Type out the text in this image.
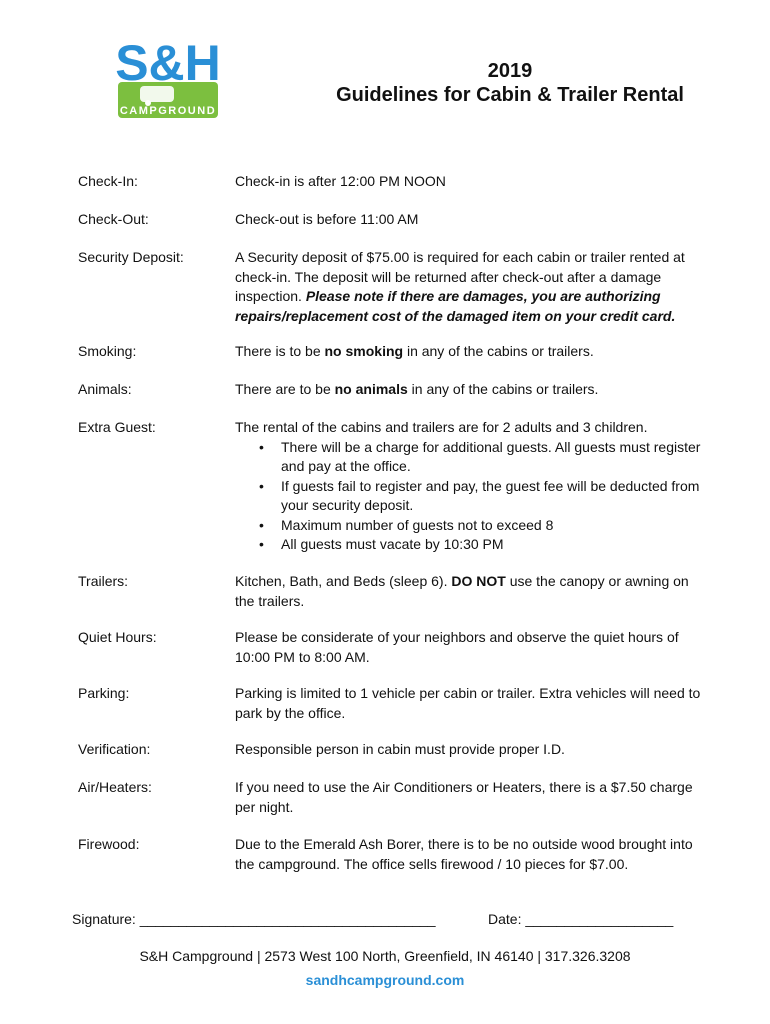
S&H
CAMPGROUND
2019
Guidelines for Cabin & Trailer Rental
Check-In:	Check-in is after 12:00 PM NOON
Check-Out:	Check-out is before 11:00 AM
Security Deposit:	A Security deposit of $75.00 is required for each cabin or trailer rented at check-in. The deposit will be returned after check-out after a damage inspection. Please note if there are damages, you are authorizing repairs/replacement cost of the damaged item on your credit card.
Smoking:	There is to be no smoking in any of the cabins or trailers.
Animals:	There are to be no animals in any of the cabins or trailers.
Extra Guest:	The rental of the cabins and trailers are for 2 adults and 3 children.
• There will be a charge for additional guests. All guests must register and pay at the office.
• If guests fail to register and pay, the guest fee will be deducted from your security deposit.
• Maximum number of guests not to exceed 8
• All guests must vacate by 10:30 PM
Trailers:	Kitchen, Bath, and Beds (sleep 6). DO NOT use the canopy or awning on the trailers.
Quiet Hours:	Please be considerate of your neighbors and observe the quiet hours of 10:00 PM to 8:00 AM.
Parking:	Parking is limited to 1 vehicle per cabin or trailer. Extra vehicles will need to park by the office.
Verification:	Responsible person in cabin must provide proper I.D.
Air/Heaters:	If you need to use the Air Conditioners or Heaters, there is a $7.50 charge per night.
Firewood:	Due to the Emerald Ash Borer, there is to be no outside wood brought into the campground. The office sells firewood / 10 pieces for $7.00.
Signature: ______________________________________	Date: ___________________
S&H Campground | 2573 West 100 North, Greenfield, IN 46140 | 317.326.3208
sandhcampground.com
